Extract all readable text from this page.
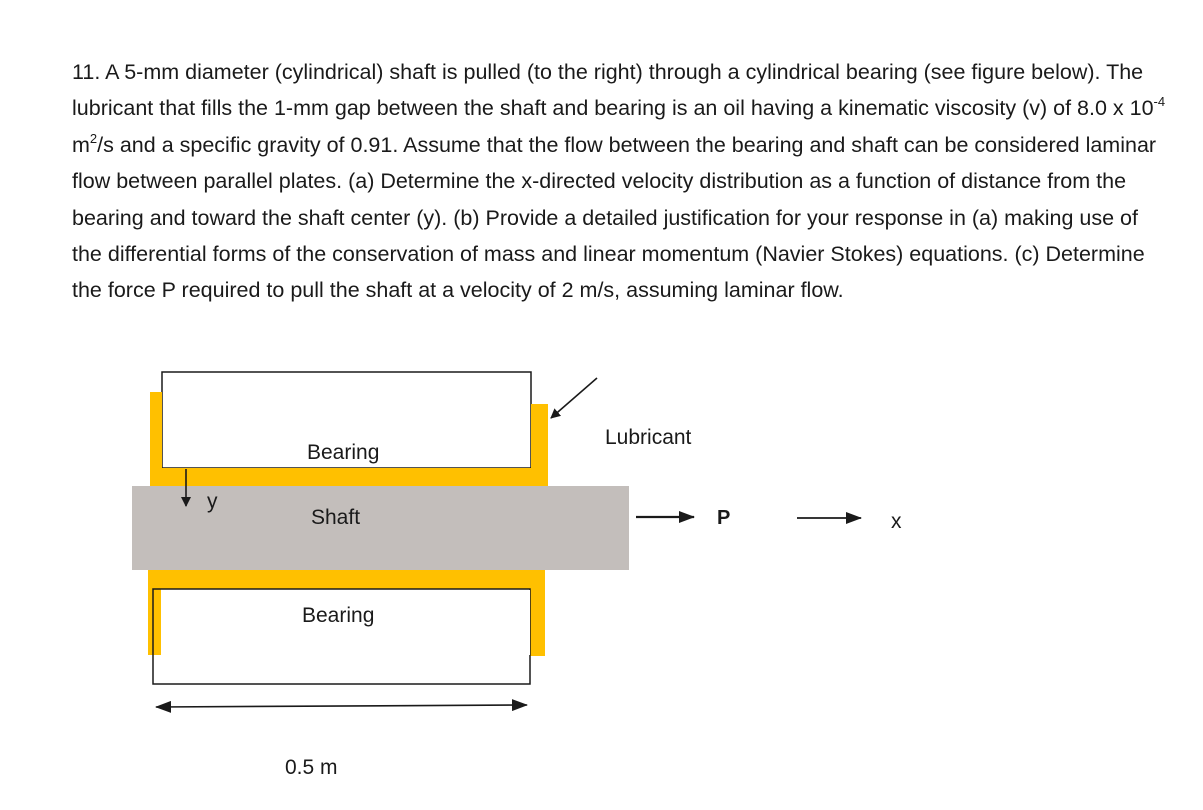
11. A 5-mm diameter (cylindrical) shaft is pulled (to the right) through a cylindrical bearing (see figure below). The lubricant that fills the 1-mm gap between the shaft and bearing is an oil having a kinematic viscosity (v) of 8.0 x $10^{-4}$ $m^2/s$ and a specific gravity of 0.91. Assume that the flow between the bearing and shaft can be considered laminar flow between parallel plates. (a) Determine the x-directed velocity distribution as a function of distance from the bearing and toward the shaft center (y). (b) Provide a detailed justification for your response in (a) making use of the differential forms of the conservation of mass and linear momentum (Navier Stokes) equations. (c) Determine the force P required to pull the shaft at a velocity of 2 m/s, assuming laminar flow.

Bearing
Shaft
Bearing
Lubricant
y
P	x
0.5 m
